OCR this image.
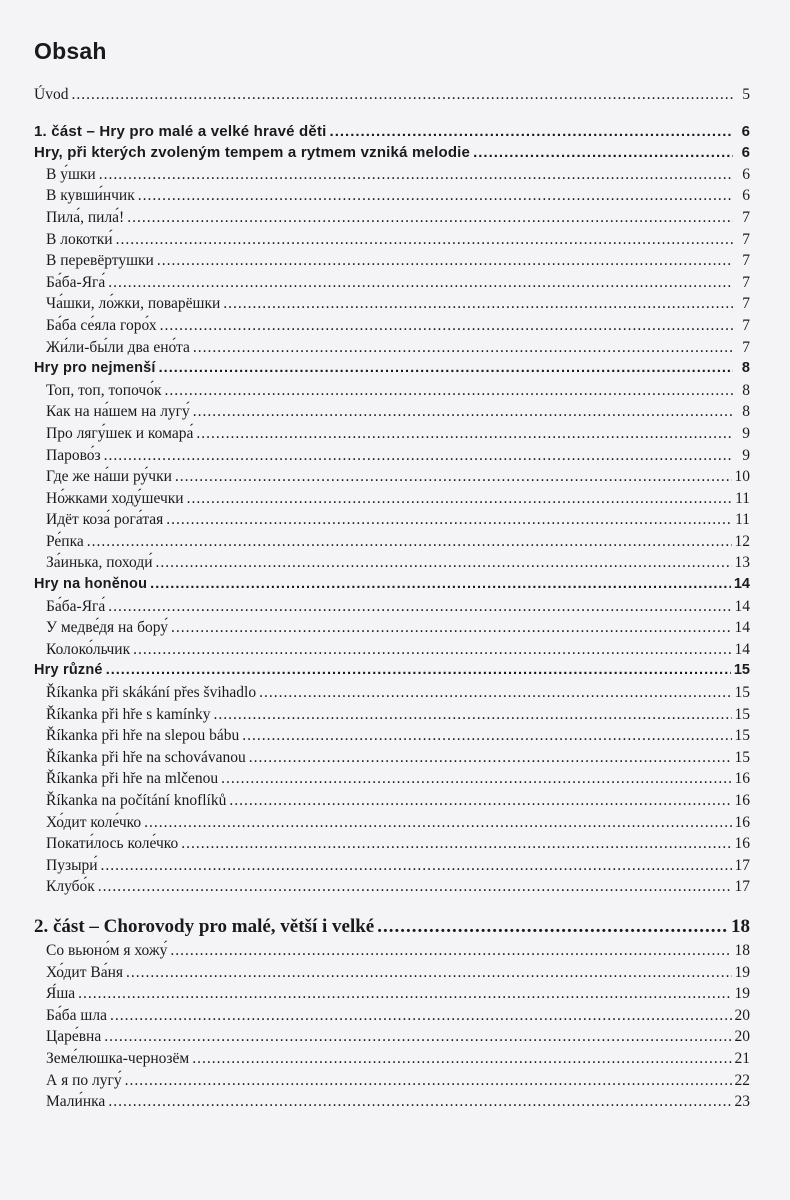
Obsah
Úvod .....	5
1. část – Hry pro malé a velké hravé děti .....	6
Hry, při kterých zvoleným tempem a rytmem vzniká melodie .....	6
В у́шки .....	6
В кувши́нчик .....	6
Пила́, пила́! .....	7
В локотки́ .....	7
В перевёртушки .....	7
Ба́ба-Яга́ .....	7
Ча́шки, ло́жки, поварёшки .....	7
Ба́ба се́яла горо́х .....	7
Жи́ли-бы́ли два ено́та .....	7
Hry pro nejmenší .....	8
Топ, топ, топочо́к .....	8
Как на на́шем на лугу́ .....	8
Про лягу́шек и комара́ .....	9
Парово́з .....	9
Где же на́ши ру́чки .....	10
Но́жками ходу́шечки .....	11
Идёт коза́ рога́тая .....	11
Ре́пка .....	12
За́инька, походи́ .....	13
Hry na honěnou .....	14
Ба́ба-Яга́ .....	14
У медве́дя на бору́ .....	14
Колоко́льчик .....	14
Hry různé .....	15
Říkanka při skákání přes švihadlo .....	15
Říkanka při hře s kamínky .....	15
Říkanka při hře na slepou bábu .....	15
Říkanka při hře na schovávanou .....	15
Říkanka při hře na mlčenou .....	16
Říkanka na počítání knoflíků .....	16
Хо́дит коле́чко .....	16
Покати́лось коле́чко .....	16
Пузыри́ .....	17
Клубо́к .....	17
2. část – Chorovody pro malé, větší i velké .....	18
Со вьюно́м я хожу́ .....	18
Хо́дит Ва́ня .....	19
Я́ша .....	19
Ба́ба шла .....	20
Царе́вна .....	20
Земе́люшка-чернозём .....	21
А я по лугу́ .....	22
Мали́нка .....	23
